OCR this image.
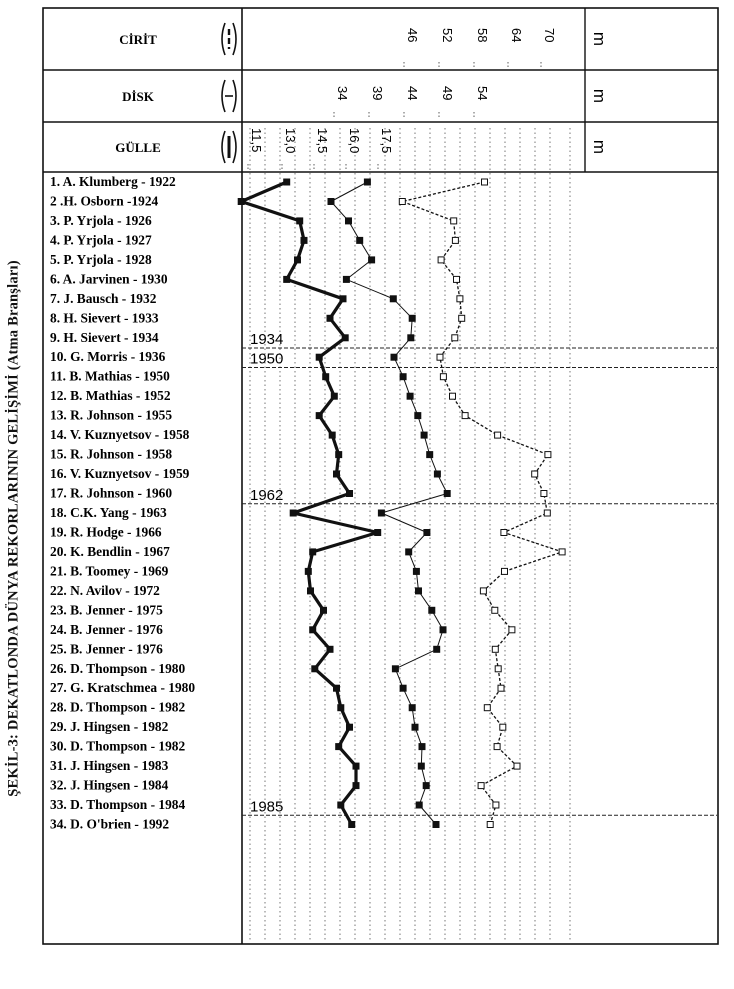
ŞEKİL-3: DEKATLONDA DÜNYA REKORLARININ GELİŞİMİ (Atma Branşları)
CİRİT	m
DİSK	m
GÜLLE	m
46 52 58 64 70
34 39 44 49 54
11,5 13,0 14,5 16,0 17,5
1. A. Klumberg - 1922
2 .H. Osborn -1924
3. P. Yrjola - 1926
4. P. Yrjola - 1927
5. P. Yrjola - 1928
6. A. Jarvinen - 1930
7. J. Bausch - 1932
8. H. Sievert - 1933
9. H. Sievert - 1934
10. G. Morris - 1936
11. B. Mathias - 1950
12. B. Mathias - 1952
13. R. Johnson - 1955
14. V. Kuznyetsov - 1958
15. R. Johnson - 1958
16. V. Kuznyetsov - 1959
17. R. Johnson - 1960
18. C.K. Yang - 1963
19. R. Hodge - 1966
20. K. Bendlin - 1967
21. B. Toomey - 1969
22. N. Avilov - 1972
23. B. Jenner - 1975
24. B. Jenner - 1976
25. B. Jenner - 1976
26. D. Thompson - 1980
27. G. Kratschmea - 1980
28. D. Thompson - 1982
29. J. Hingsen - 1982
30. D. Thompson - 1982
31. J. Hingsen - 1983
32. J. Hingsen - 1984
33. D. Thompson - 1984
34. D. O'brien - 1992
1934
1950
1962
1985
